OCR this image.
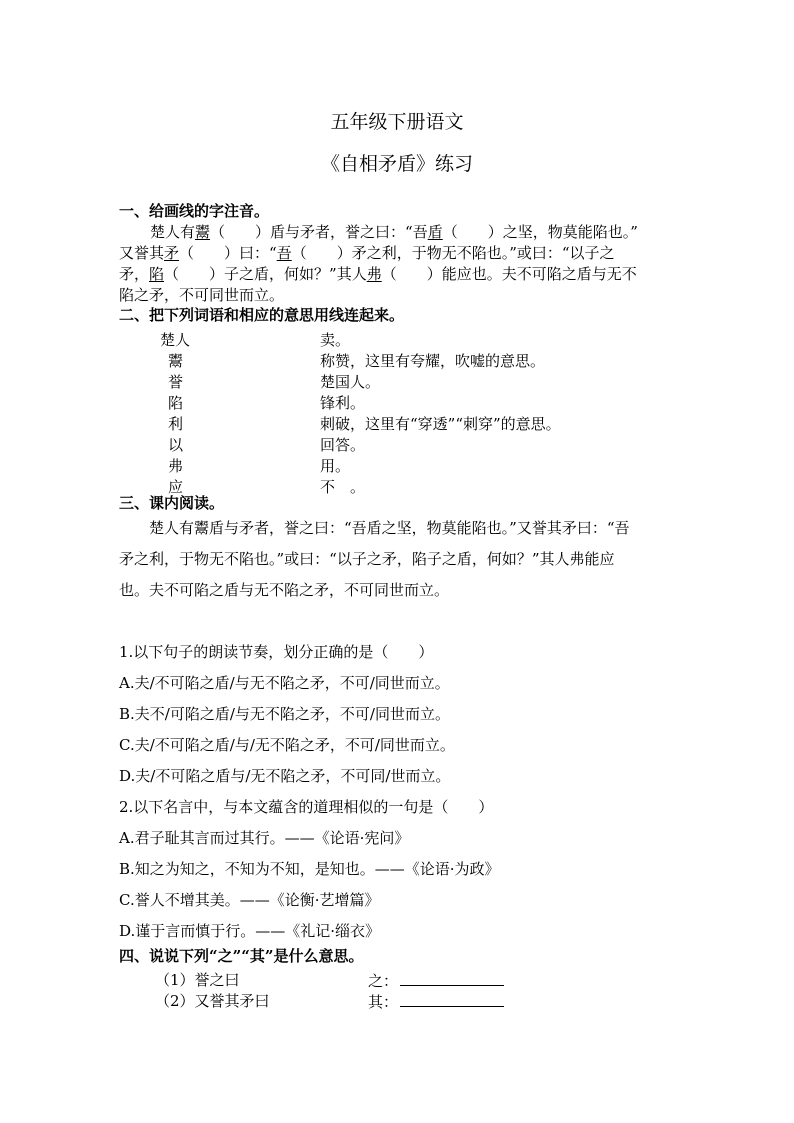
五年级下册语文
《自相矛盾》练习
一、给画线的字注音。
楚人有鬻（　　）盾与矛者，誉之曰：“吾盾（　　）之坚，物莫能陷也。”
又誉其矛（　　）曰：“吾（　　）矛之利，于物无不陷也。”或曰：“以子之
矛，陷（　　）子之盾，何如？”其人弗（　　）能应也。夫不可陷之盾与无不
陷之矛，不可同世而立。
二、把下列词语和相应的意思用线连起来。
楚人
鬻
誉
陷
利
以
弗
应
卖。
称赞，这里有夸耀，吹嘘的意思。
楚国人。
锋利。
刺破，这里有“穿透”“刺穿”的意思。
回答。
用。
不　。
三、课内阅读。
　　楚人有鬻盾与矛者，誉之曰：“吾盾之坚，物莫能陷也。”又誉其矛曰：“吾
矛之利，于物无不陷也。”或曰：“以子之矛，陷子之盾，何如？”其人弗能应
也。夫不可陷之盾与无不陷之矛，不可同世而立。
1.以下句子的朗读节奏，划分正确的是（　　）
A.夫/不可陷之盾/与无不陷之矛，不可/同世而立。
B.夫不/可陷之盾/与无不陷之矛，不可/同世而立。
C.夫/不可陷之盾/与/无不陷之矛，不可/同世而立。
D.夫/不可陷之盾与/无不陷之矛，不可同/世而立。
2.以下名言中，与本文蕴含的道理相似的一句是（　　）
A.君子耻其言而过其行。——《论语·宪问》
B.知之为知之，不知为不知，是知也。——《论语·为政》
C.誉人不增其美。——《论衡·艺增篇》
D.谨于言而慎于行。——《礼记·缁衣》
四、说说下列“之”“其”是什么意思。
（1）誉之曰	之：
（2）又誉其矛曰	其：
